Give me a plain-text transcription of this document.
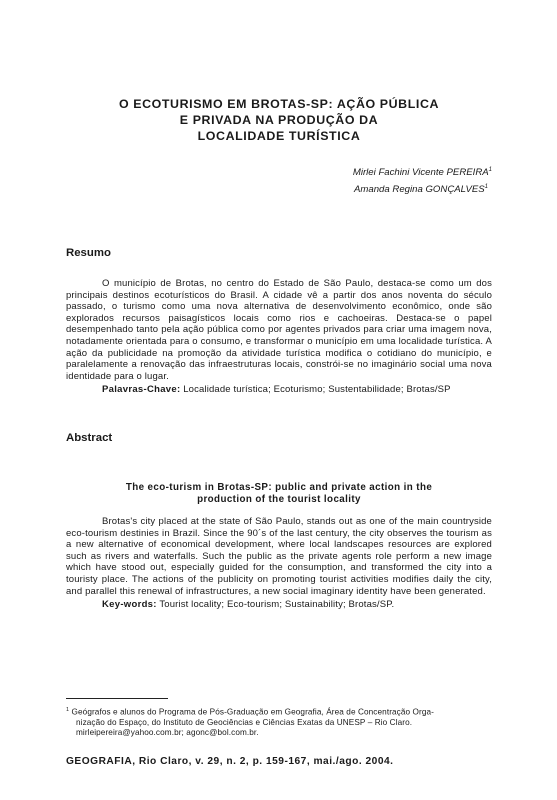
O ECOTURISMO EM BROTAS-SP: AÇÃO PÚBLICA
E PRIVADA NA PRODUÇÃO DA
LOCALIDADE TURÍSTICA
Mirlei Fachini Vicente PEREIRA$^1$
Amanda Regina GONÇALVES$^1$
Resumo

O município de Brotas, no centro do Estado de São Paulo, destaca-se como um dos principais destinos ecoturísticos do Brasil. A cidade vê a partir dos anos noventa do século passado, o turismo como uma nova alternativa de desenvolvimento econômico, onde são explorados recursos paisagísticos locais como rios e cachoeiras. Destaca-se o papel desempenhado tanto pela ação pública como por agentes privados para criar uma imagem nova, notadamente orientada para o consumo, e transformar o município em uma localidade turística. A ação da publicidade na promoção da atividade turística modifica o cotidiano do município, e paralelamente a renovação das infraestruturas locais, constrói-se no imaginário social uma nova identidade para o lugar.

Palavras-Chave: Localidade turística; Ecoturismo; Sustentabilidade; Brotas/SP
Abstract

The eco-turism in Brotas-SP: public and private action in the
production of the tourist locality

Brotas's city placed at the state of São Paulo, stands out as one of the main countryside eco-tourism destinies in Brazil. Since the 90´s of the last century, the city observes the tourism as a new alternative of economical development, where local landscapes resources are explored such as rivers and waterfalls. Such the public as the private agents role perform a new image which have stood out, especially guided for the consumption, and transformed the city into a touristy place. The actions of the publicity on promoting tourist activities modifies daily the city, and parallel this renewal of infrastructures, a new social imaginary identity have been generated.

Key-words: Tourist locality; Eco-tourism; Sustainability; Brotas/SP.
$^1$ Geógrafos e alunos do Programa de Pós-Graduação em Geografia, Área de Concentração Orga-
nização do Espaço, do Instituto de Geociências e Ciências Exatas da UNESP – Rio Claro.
mirleipereira@yahoo.com.br; agonc@bol.com.br.
GEOGRAFIA, Rio Claro, v. 29, n. 2, p. 159-167, mai./ago. 2004.
